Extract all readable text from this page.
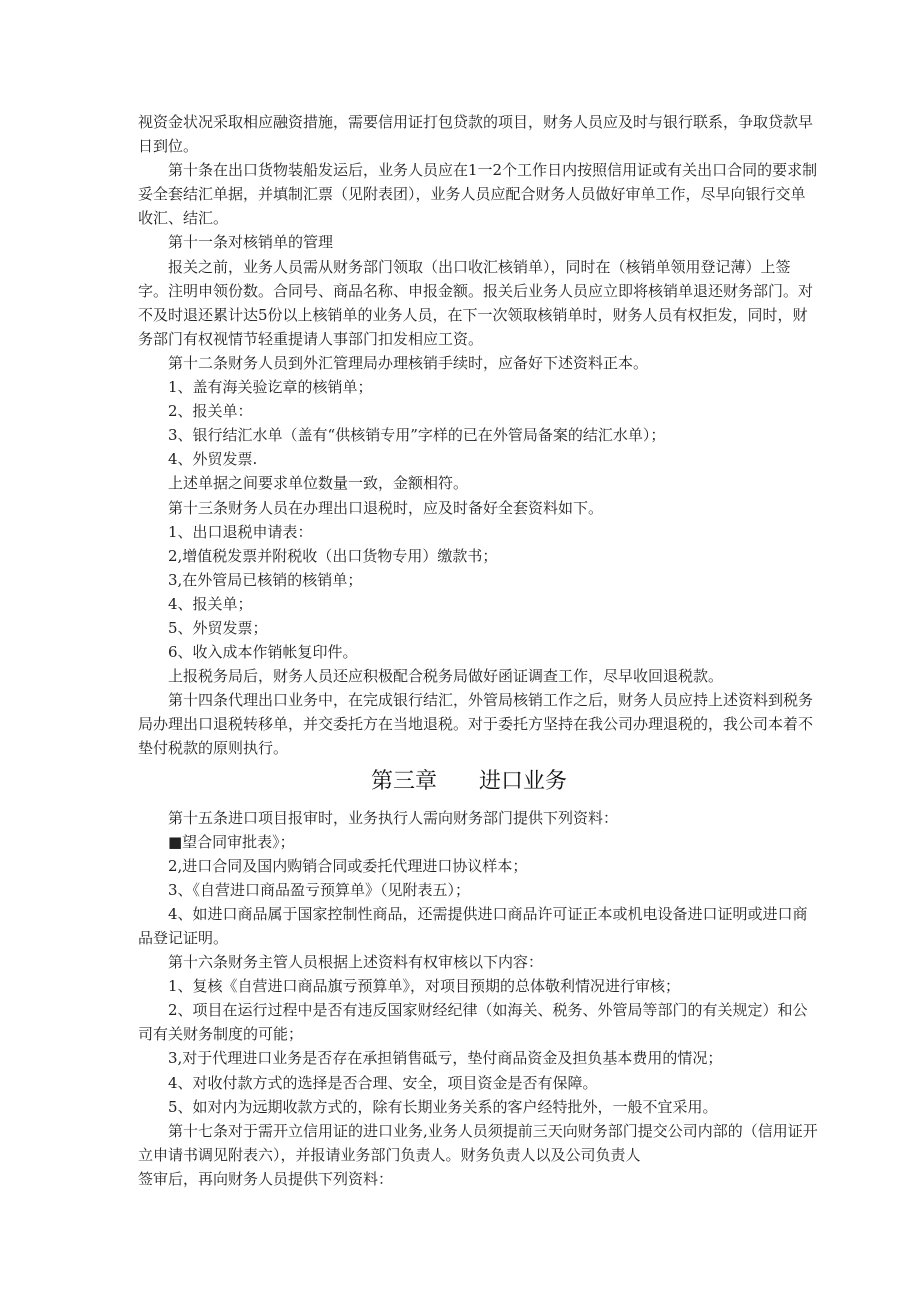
视资金状况采取相应融资措施，需要信用证打包贷款的项目，财务人员应及时与银行联系，争取贷款早日到位。

第十条在出口货物装船发运后，业务人员应在1一2个工作日内按照信用证或有关出口合同的要求制妥全套结汇单据，并填制汇票（见附表团），业务人员应配合财务人员做好审单工作，尽早向银行交单收汇、结汇。

第十一条对核销单的管理

报关之前，业务人员需从财务部门领取（出口收汇核销单），同时在（核销单领用登记薄）上签字。注明申领份数。合同号、商品名称、申报金额。报关后业务人员应立即将核销单退还财务部门。对不及时退还累计达5份以上核销单的业务人员，在下一次领取核销单时，财务人员有权拒发，同时，财务部门有权视情节轻重提请人事部门扣发相应工资。

第十二条财务人员到外汇管理局办理核销手续时，应备好下述资料正本。

1、盖有海关验讫章的核销单；

2、报关单：

3、银行结汇水单（盖有“供核销专用”字样的已在外管局备案的结汇水单）；

4、外贸发票.

上述单据之间要求单位数量一致，金额相符。

第十三条财务人员在办理出口退税时，应及时备好全套资料如下。

1、出口退税申请表：

2,增值税发票并附税收（出口货物专用）缴款书；

3,在外管局已核销的核销单；

4、报关单；

5、外贸发票；

6、收入成本作销帐复印件。

上报税务局后，财务人员还应积极配合税务局做好函证调查工作，尽早收回退税款。

第十四条代理出口业务中，在完成银行结汇，外管局核销工作之后，财务人员应持上述资料到税务局办理出口退税转移单，并交委托方在当地退税。对于委托方坚持在我公司办理退税的，我公司本着不垫付税款的原则执行。

第三章 进口业务

第十五条进口项目报审时，业务执行人需向财务部门提供下列资料：

■望合同审批表》；

2,进口合同及国内购销合同或委托代理进口协议样本；

3、《自营进口商品盈亏预算单》（见附表五）；

4、如进口商品属于国家控制性商品，还需提供进口商品许可证正本或机电设备进口证明或进口商品登记证明。

第十六条财务主管人员根据上述资料有权审核以下内容：

1、复核《自营进口商品旗亏预算单》，对项目预期的总体敬利情况进行审核；

2、项目在运行过程中是否有违反国家财经纪律（如海关、税务、外管局等部门的有关规定）和公司有关财务制度的可能；

3,对于代理进口业务是否存在承担销售砥亏，垫付商品资金及担负基本费用的情况；

4、对收付款方式的选择是否合理、安全，项目资金是否有保障。

5、如对内为远期收款方式的，除有长期业务关系的客户经特批外，一般不宜采用。

第十七条对于需开立信用证的进口业务,业务人员须提前三天向财务部门提交公司内部的（信用证开立申请书调见附表六），并报请业务部门负责人。财务负责人以及公司负责人

签审后，再向财务人员提供下列资料：
